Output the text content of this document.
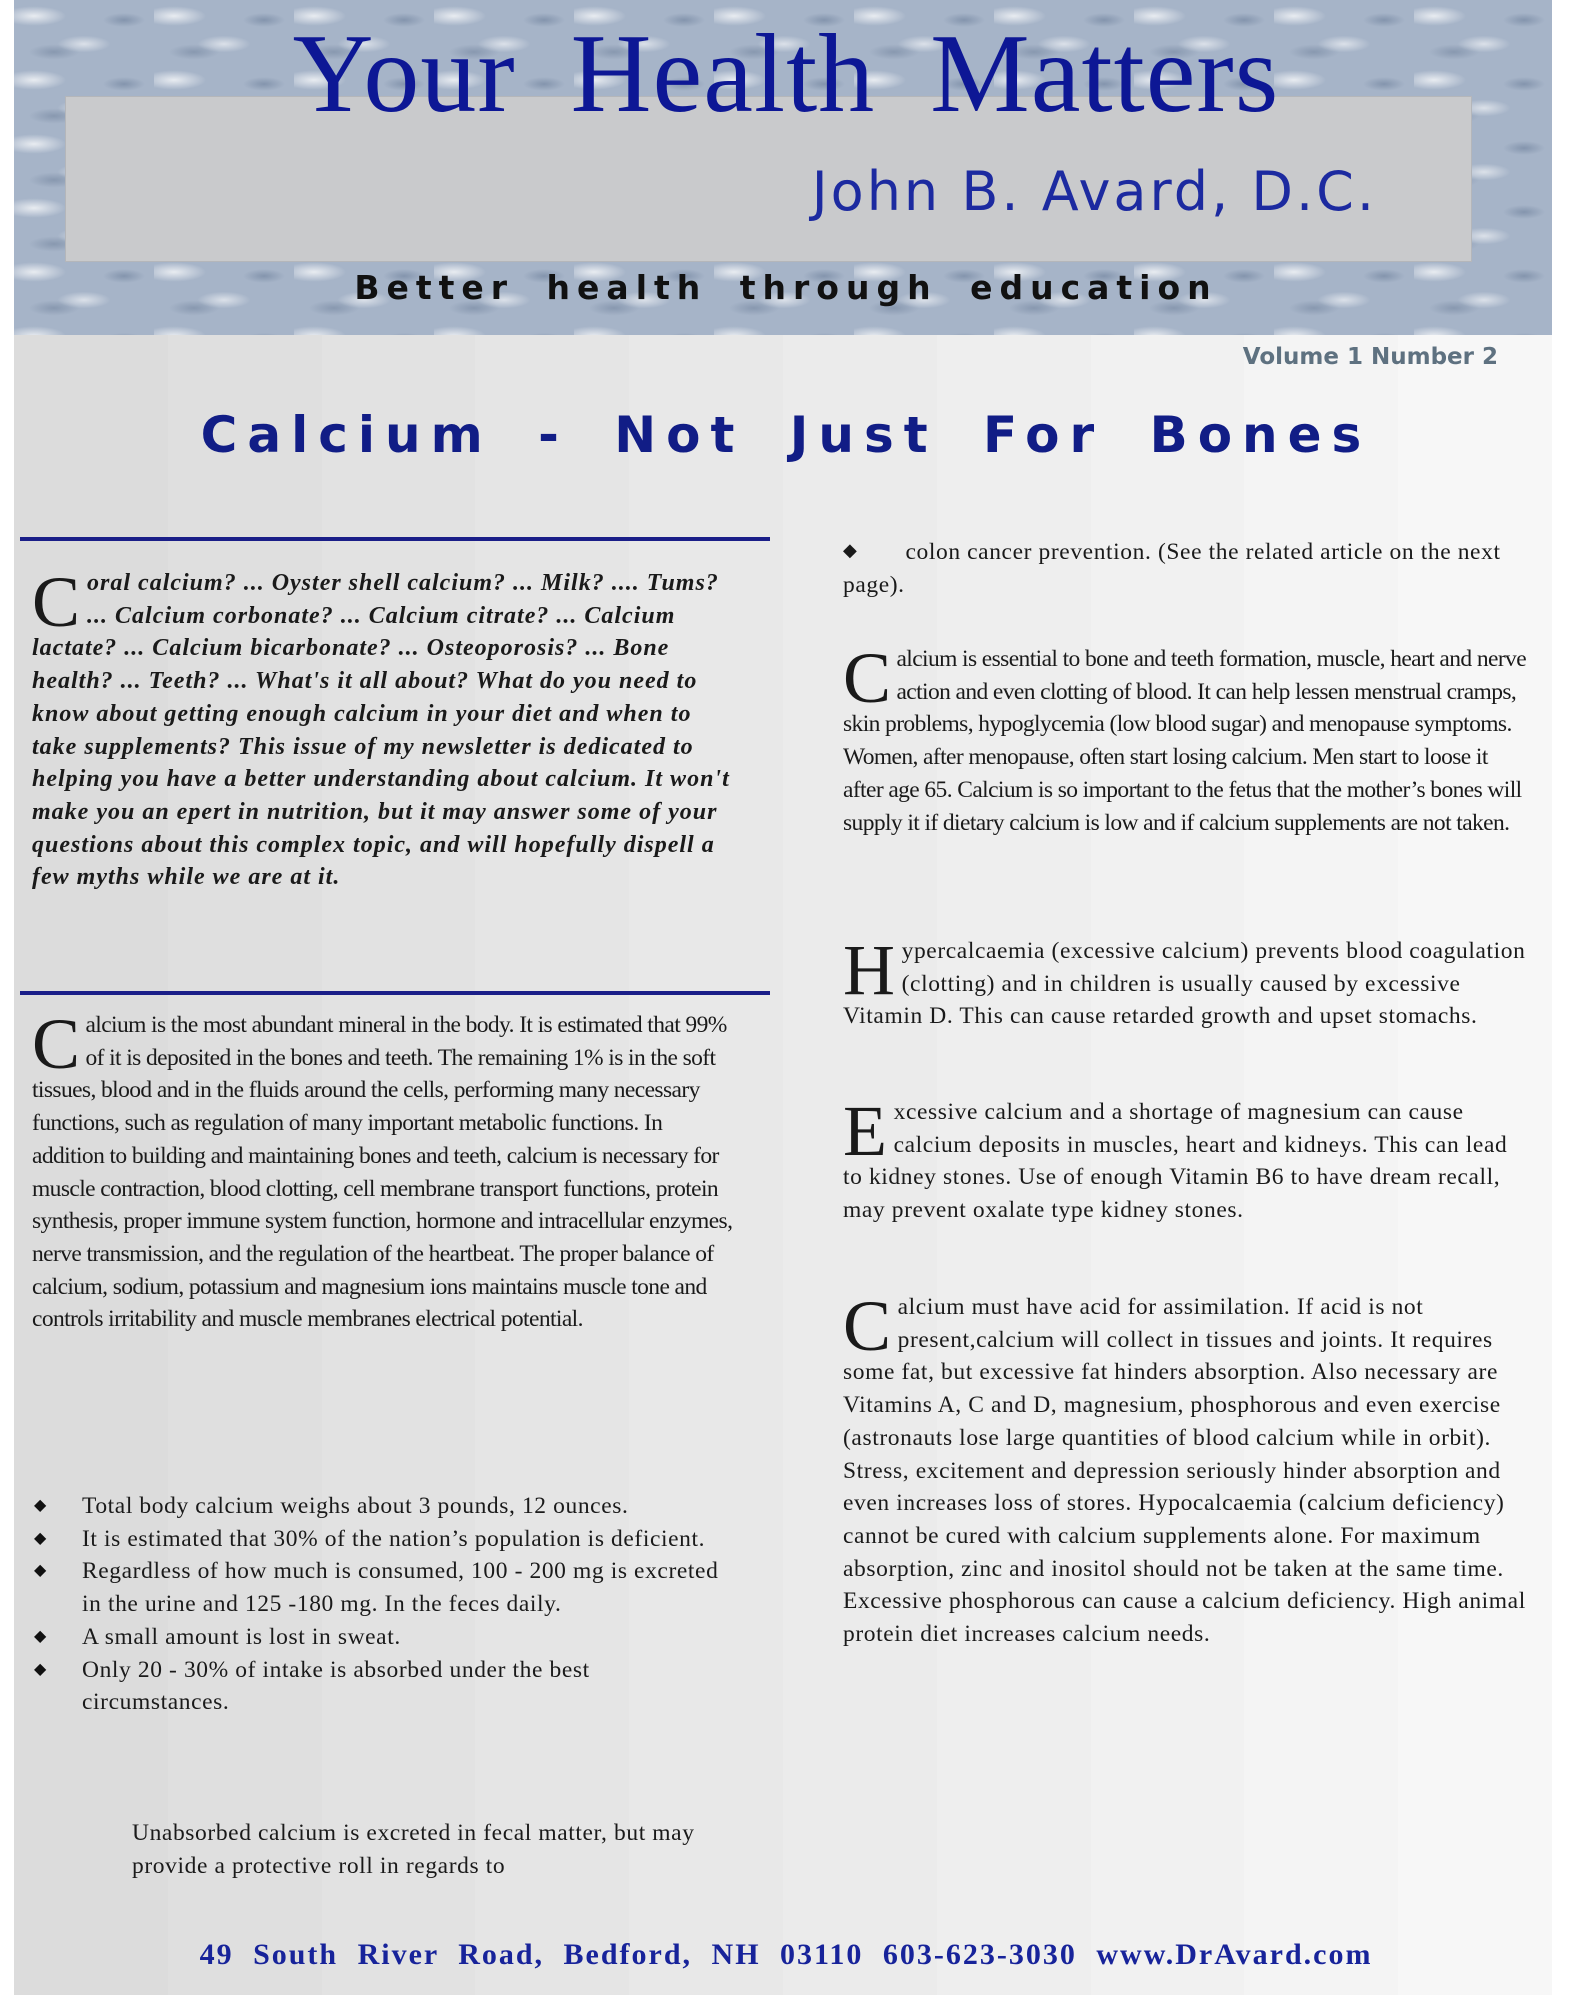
Your Health Matters
John B. Avard, D.C.
Better health through education
Volume 1 Number 2
Calcium - Not Just For Bones

Coral calcium? ... Oyster shell calcium? ... Milk? .... Tums? ... Calcium corbonate? ... Calcium citrate? ... Calcium lactate? ... Calcium bicarbonate? ... Osteoporosis? ... Bone health? ... Teeth? ... What's it all about? What do you need to know about getting enough calcium in your diet and when to take supplements? This issue of my newsletter is dedicated to helping you have a better understanding about calcium. It won't make you an epert in nutrition, but it may answer some of your questions about this complex topic, and will hopefully dispell a few myths while we are at it.

Calcium is the most abundant mineral in the body. It is estimated that 99% of it is deposited in the bones and teeth. The remaining 1% is in the soft tissues, blood and in the fluids around the cells, performing many necessary functions, such as regulation of many important metabolic functions. In addition to building and maintaining bones and teeth, calcium is necessary for muscle contraction, blood clotting, cell membrane transport functions, protein synthesis, proper immune system function, hormone and intracellular enzymes, nerve transmission, and the regulation of the heartbeat. The proper balance of calcium, sodium, potassium and magnesium ions maintains muscle tone and controls irritability and muscle membranes electrical potential.

◆ Total body calcium weighs about 3 pounds, 12 ounces.
◆ It is estimated that 30% of the nation’s population is deficient.
◆ Regardless of how much is consumed, 100 - 200 mg is excreted in the urine and 125 -180 mg. In the feces daily.
◆ A small amount is lost in sweat.
◆ Only 20 - 30% of intake is absorbed under the best circumstances.

Unabsorbed calcium is excreted in fecal matter, but may provide a protective roll in regards to

◆ colon cancer prevention. (See the related article on the next page).

Calcium is essential to bone and teeth formation, muscle, heart and nerve action and even clotting of blood. It can help lessen menstrual cramps, skin problems, hypoglycemia (low blood sugar) and menopause symptoms. Women, after menopause, often start losing calcium. Men start to loose it after age 65. Calcium is so important to the fetus that the mother’s bones will supply it if dietary calcium is low and if calcium supplements are not taken.

Hypercalcaemia (excessive calcium) prevents blood coagulation (clotting) and in children is usually caused by excessive Vitamin D. This can cause retarded growth and upset stomachs.

Excessive calcium and a shortage of magnesium can cause calcium deposits in muscles, heart and kidneys. This can lead to kidney stones. Use of enough Vitamin B6 to have dream recall, may prevent oxalate type kidney stones.

Calcium must have acid for assimilation. If acid is not present,calcium will collect in tissues and joints. It requires some fat, but excessive fat hinders absorption. Also necessary are Vitamins A, C and D, magnesium, phosphorous and even exercise (astronauts lose large quantities of blood calcium while in orbit). Stress, excitement and depression seriously hinder absorption and even increases loss of stores. Hypocalcaemia (calcium deficiency) cannot be cured with calcium supplements alone. For maximum absorption, zinc and inositol should not be taken at the same time. Excessive phosphorous can cause a calcium deficiency. High animal protein diet increases calcium needs.

49 South River Road, Bedford, NH 03110 603-623-3030 www.DrAvard.com
